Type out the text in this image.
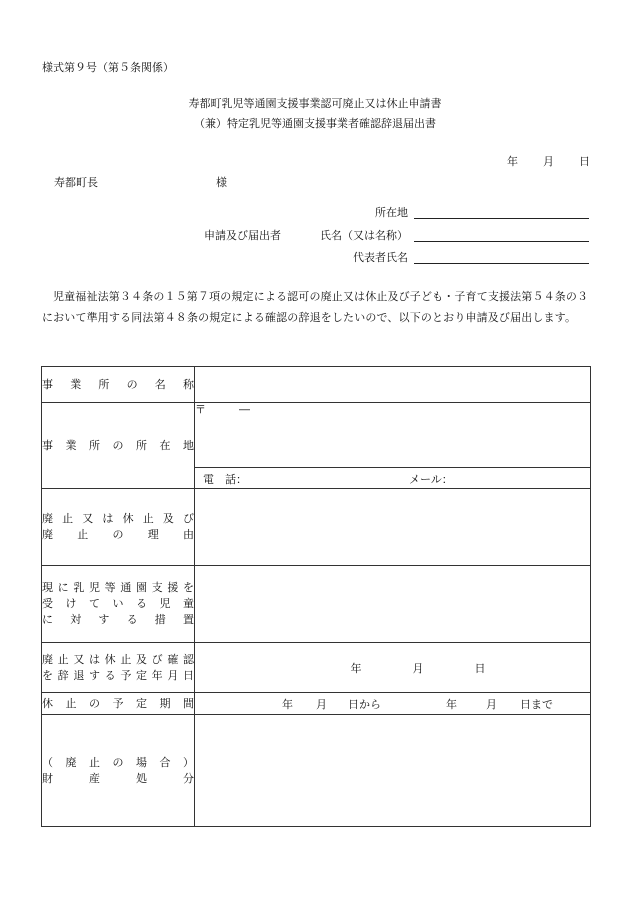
様式第９号（第５条関係）
寿都町乳児等通園支援事業認可廃止又は休止申請書
（兼）特定乳児等通園支援事業者確認辞退届出書
年 月 日
寿都町長	様
所在地
申請及び届出者	氏名（又は名称）
代表者氏名
児童福祉法第３４条の１５第７項の規定による認可の廃止又は休止及び子ども・子育て支援法第５４条の３において準用する同法第４８条の規定による確認の辞退をしたいので、以下のとおり申請及び届出します。
事業所の名称	

事業所の所在地	〒　　　―

	電　話： メール：

廃止又は休止及び
廃止の理由	

現に乳児等通園支援を
受けている児童
に対する措置	

廃止又は休止及び確認
を辞退する予定年月日	年 月 日

休止の予定期間	年 月 日から 年 月 日まで

（廃止の場合）
財産処分	
